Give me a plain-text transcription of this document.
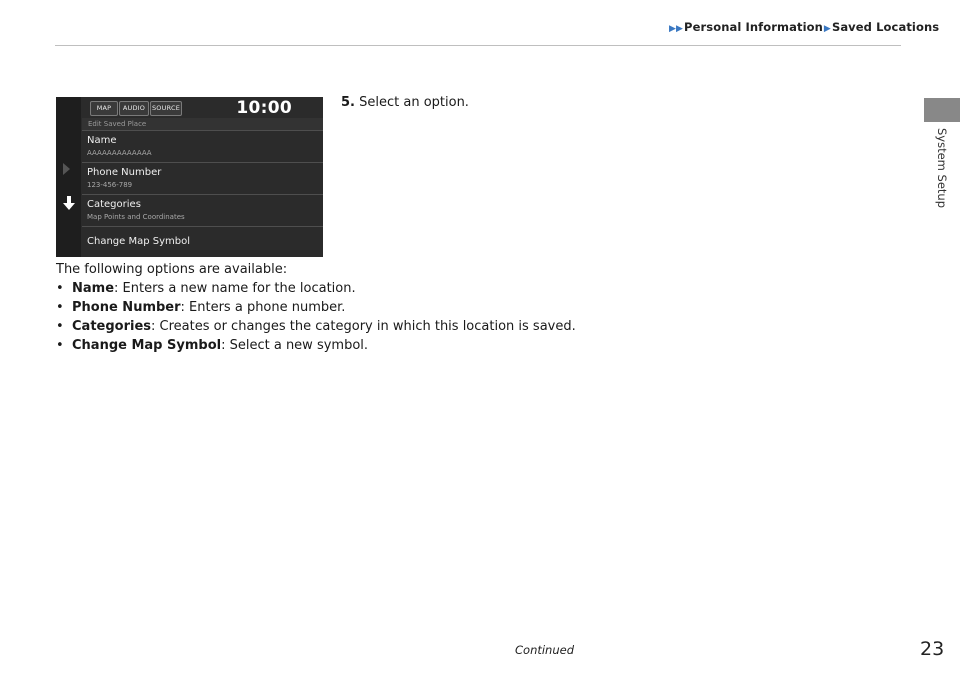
▶▶Personal Information▶Saved Locations
System Setup
MAP	AUDIO	SOURCE	10:00
Edit Saved Place
Name
AAAAAAAAAAAAA
Phone Number
123-456-789
Categories
Map Points and Coordinates
Change Map Symbol
5. Select an option.
The following options are available:
• Name: Enters a new name for the location.
• Phone Number: Enters a phone number.
• Categories: Creates or changes the category in which this location is saved.
• Change Map Symbol: Select a new symbol.
Continued	23
